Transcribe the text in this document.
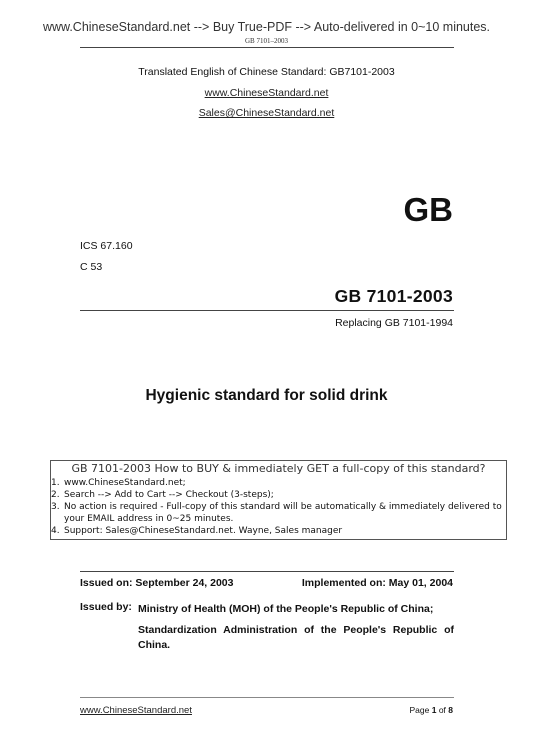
www.ChineseStandard.net --> Buy True-PDF --> Auto-delivered in 0~10 minutes.
GB 7101–2003
Translated English of Chinese Standard: GB7101-2003
www.ChineseStandard.net
Sales@ChineseStandard.net
GB
ICS 67.160
C 53
GB 7101-2003
Replacing GB 7101-1994
Hygienic standard for solid drink
GB 7101-2003 How to BUY & immediately GET a full-copy of this standard?
1. www.ChineseStandard.net;
2. Search --> Add to Cart --> Checkout (3-steps);
3. No action is required - Full-copy of this standard will be automatically & immediately delivered to
your EMAIL address in 0~25 minutes.
4. Support: Sales@ChineseStandard.net. Wayne, Sales manager
Issued on: September 24, 2003	Implemented on: May 01, 2004
Issued by: Ministry of Health (MOH) of the People's Republic of China;
Standardization Administration of the People's Republic of China.
www.ChineseStandard.net	Page 1 of 8
